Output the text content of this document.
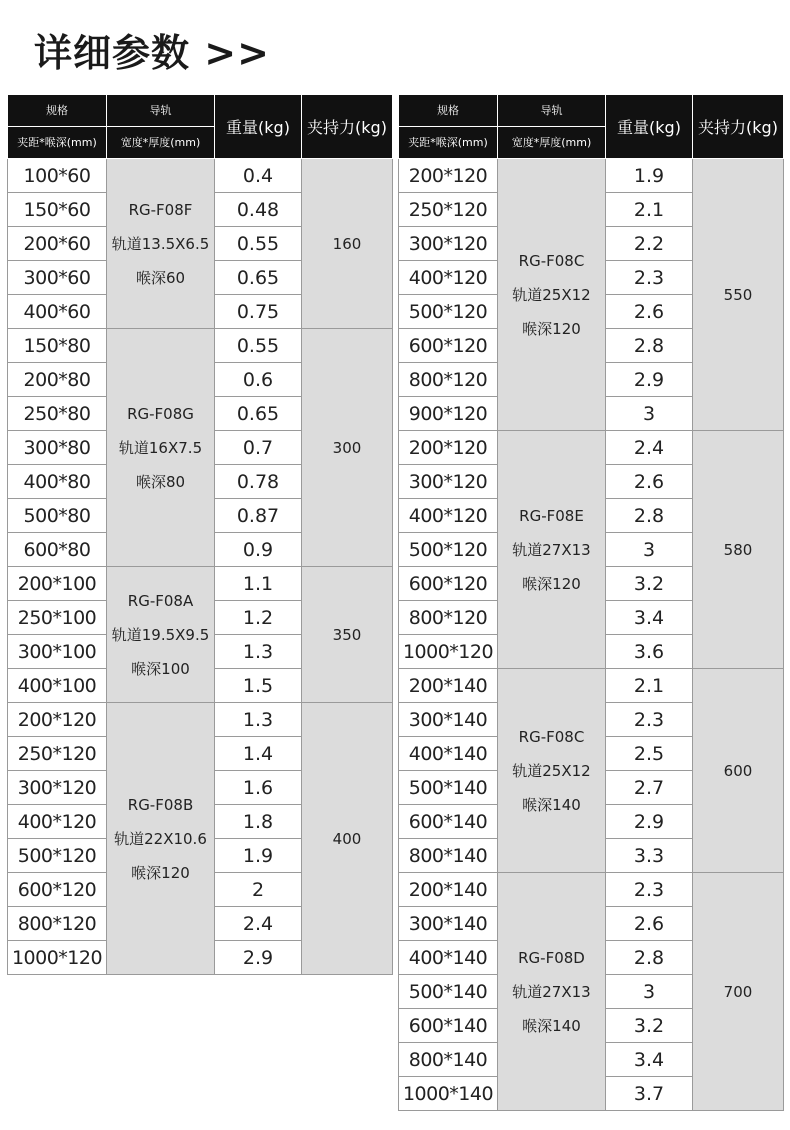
详细参数 >>
规格	导轨	重量(kg)	夹持力(kg)
夹距*喉深(mm)	宽度*厚度(mm)		
100*60	RG-F08F
轨道13.5X6.5
喉深60	0.4	160
150*60		0.48	
200*60		0.55	
300*60		0.65	
400*60		0.75	
150*80	RG-F08G
轨道16X7.5
喉深80	0.55	300
200*80		0.6	
250*80		0.65	
300*80		0.7	
400*80		0.78	
500*80		0.87	
600*80		0.9	
200*100	RG-F08A
轨道19.5X9.5
喉深100	1.1	350
250*100		1.2	
300*100		1.3	
400*100		1.5	
200*120	RG-F08B
轨道22X10.6
喉深120	1.3	400
250*120		1.4	
300*120		1.6	
400*120		1.8	
500*120		1.9	
600*120		2	
800*120		2.4	
1000*120		2.9	
规格	导轨	重量(kg)	夹持力(kg)
夹距*喉深(mm)	宽度*厚度(mm)		
200*120	RG-F08C
轨道25X12
喉深120	1.9	550
250*120		2.1	
300*120		2.2	
400*120		2.3	
500*120		2.6	
600*120		2.8	
800*120		2.9	
900*120		3	
200*120	RG-F08E
轨道27X13
喉深120	2.4	580
300*120		2.6	
400*120		2.8	
500*120		3	
600*120		3.2	
800*120		3.4	
1000*120		3.6	
200*140	RG-F08C
轨道25X12
喉深140	2.1	600
300*140		2.3	
400*140		2.5	
500*140		2.7	
600*140		2.9	
800*140		3.3	
200*140	RG-F08D
轨道27X13
喉深140	2.3	700
300*140		2.6	
400*140		2.8	
500*140		3	
600*140		3.2	
800*140		3.4	
1000*140		3.7	
